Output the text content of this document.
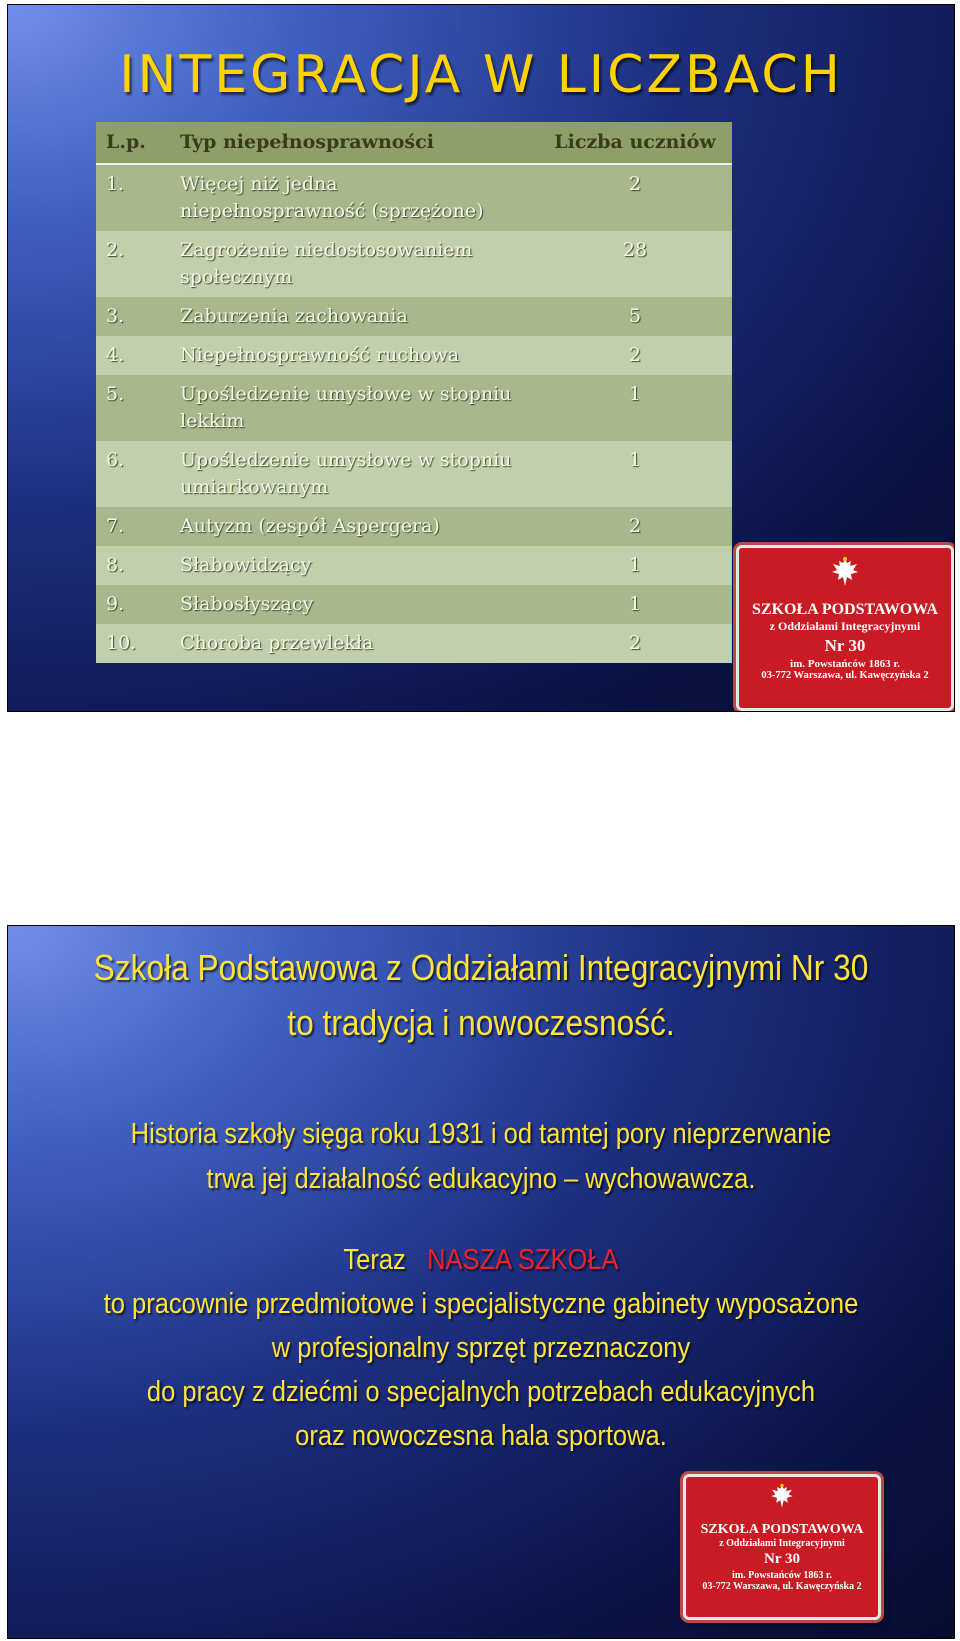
INTEGRACJA W LICZBACH
L.p.	Typ niepełnosprawności	Liczba uczniów
1.	Więcej niż jedna niepełnosprawność (sprzężone)	2
2.	Zagrożenie niedostosowaniem społecznym	28
3.	Zaburzenia zachowania	5
4.	Niepełnosprawność ruchowa	2
5.	Upośledzenie umysłowe w stopniu lekkim	1
6.	Upośledzenie umysłowe w stopniu umiarkowanym	1
7.	Autyzm (zespół Aspergera)	2
8.	Słabowidzący	1
9.	Słabosłyszący	1
10.	Choroba przewlekła	2
SZKOŁA PODSTAWOWA
z Oddziałami Integracyjnymi
Nr 30
im. Powstańców 1863 r.
03-772 Warszawa, ul. Kawęczyńska 2

Szkoła Podstawowa z Oddziałami Integracyjnymi Nr 30

to tradycja i nowoczesność.

Historia szkoły sięga roku 1931 i od tamtej pory nieprzerwanie

trwa jej działalność edukacyjno – wychowawcza.

Teraz NASZA SZKOŁA

to pracownie przedmiotowe i specjalistyczne gabinety wyposażone

w profesjonalny sprzęt przeznaczony

do pracy z dziećmi o specjalnych potrzebach edukacyjnych

oraz nowoczesna hala sportowa.

SZKOŁA PODSTAWOWA
z Oddziałami Integracyjnymi
Nr 30
im. Powstańców 1863 r.
03-772 Warszawa, ul. Kawęczyńska 2
